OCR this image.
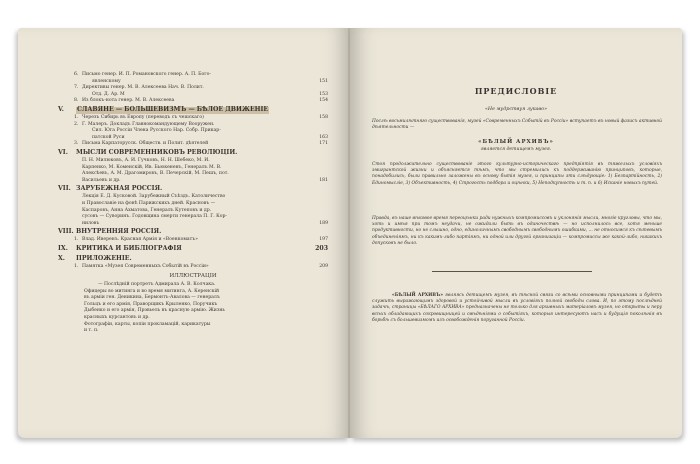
6. Письмо генер. И. П. Романовского генер. А. П. Бого-
явленскому	151
7. Директивы генер. М. В. Алексеева Нач. В. Полит.
Отд. Д. Ар. М	153
8. Из блокъ-нота генер. М. В. Алексеева	154
V. СЛАВЯНЕ — БОЛЬШЕВИЗМЪ — БѢЛОЕ ДВИЖЕНІЕ
1. Черезъ Сибирь въ Европу (переводъ съ чешскаго)	158
2. Г. Малеръ. Докладъ Главнокомандующему Вооружен.
Сил. Юга Россіи Члена Русского Нар. Собр. Прикар-
патской Руси	163
3. Письма Карпаторусск. Обществ. и Полит. дѣятелей	171
VI. МЫСЛИ СОВРЕМЕННИКОВЪ РЕВОЛЮЦІИ.
П. Н. Милюковъ, А. И. Гучковъ, Н. Н. Шебеко, М. И.
Карпенко, М. Коменскій, Ив. Бьюкененъ, Генералъ М. В.
Алексѣевъ, А. М. Драгомировъ, В. Печерскій, М. Пешъ, пот.
Васильевъ и др.	181
VII. ЗАРУБЕЖНАЯ РОССІЯ.
Лекція Е. Д. Кусковой. Зарубежный Съѣздъ. Католичество
и Православіе на фонѣ Парижскихъ дней. Красновъ —
Каспаровъ, Анна Ахматова, Генералъ Кутеповъ и др.
сусовъ — Суворинъ. Годовщина смерти генерала П. Г. Кор-
ниловъ	189
VIII. ВНУТРЕННЯЯ РОССІЯ.
1. Влад. Иверенъ. Красная Армія и «Военкоматъ»	197
IX. КРИТИКА И БИБЛІОГРАФІЯ	203
X. ПРИЛОЖЕНІЕ.
1. Памятка «Музея Современныхъ Событій въ Россіи»	209
ИЛЛЮСТРАЦІИ
— Послѣдній портретъ Адмирала А. В. Колчака.
Офицеры во митинга и во время митинга, А. Керенскій
въ арміи ген. Деникина, Бермонтъ-Авалова — генералъ
Гольцъ и его армія, Праворщикъ Крыленко, Поручикъ
Дыбенко и его армія, Прэвьель въ красную армію. Жизнь
красныхъ курсантовъ и др.
Фотографіи, карты, копіи прокламацій, карикатуры
и т. п.
ПРЕДИСЛОВІЕ
«Не мудрствуя лукаво»
Послѣ восьмилѣтняго существованія, музей «Современныхъ Событій въ Россіи» вступаетъ въ новый фазисъ активной дѣятельности —
«БѢЛЫЙ АРХИВЪ»
является детищемъ музея.
Стоя продолжительно существованіе этого культурно-историческаго предпріятія въ тяжелыхъ условіяхъ эмигрантской жизни и объясняется тѣмъ, что мы стремились къ поддерживанію принциповъ, которые, понадобились, были правильно заложены въ основу бытія музея, и принципы эти слѣдующіе: 1) Безпартійность, 2) Единомысліе, 3) Объективность, 4) Строгость подбора и оцѣнки, 5) Неподкупность и т. п. и 6) Исканіе новыхъ путей.
Правда, въ наше вѣковое время переоцѣнки ради нужныхъ компромиссовъ и уклонянія мысли, многіе кругловы, что мы, хоть и имѣя при томъ неудачи, не ожидали быть въ одиночествѣ — но исполнилось все, хотя меньше продуктивности, но не слышно, одно, единоличнымъ свободнымъ свободнымъ ошибками, ... не относимся къ сѣтевымъ объединеніямъ, ни къ какимъ-либо партіямъ, ни одной или другой организаціи — компромиссы же какой-либо, никакихъ допусковъ не было.
«БѢЛЫЙ АРХИВЪ» являясь детищемъ музея, въ тѣсной связи со всѣми основными принципами и будетъ служить выражающимъ здоровой и устойчивой мысли въ условіяхъ полной свободы слова. И, по этому послѣдней задачѣ, страницы «БѢЛАГО АРХИВА» предназначены не только для архивныхъ матеріаловъ музея, но открыты и перу всѣхъ обладающихъ сокровищницей и свѣдѣніями о событіяхъ, которыя интересуютъ насъ и будущія поколѣнія въ борьбѣ съ большевизмомъ изъ освобожденія поруганной Россіи.
